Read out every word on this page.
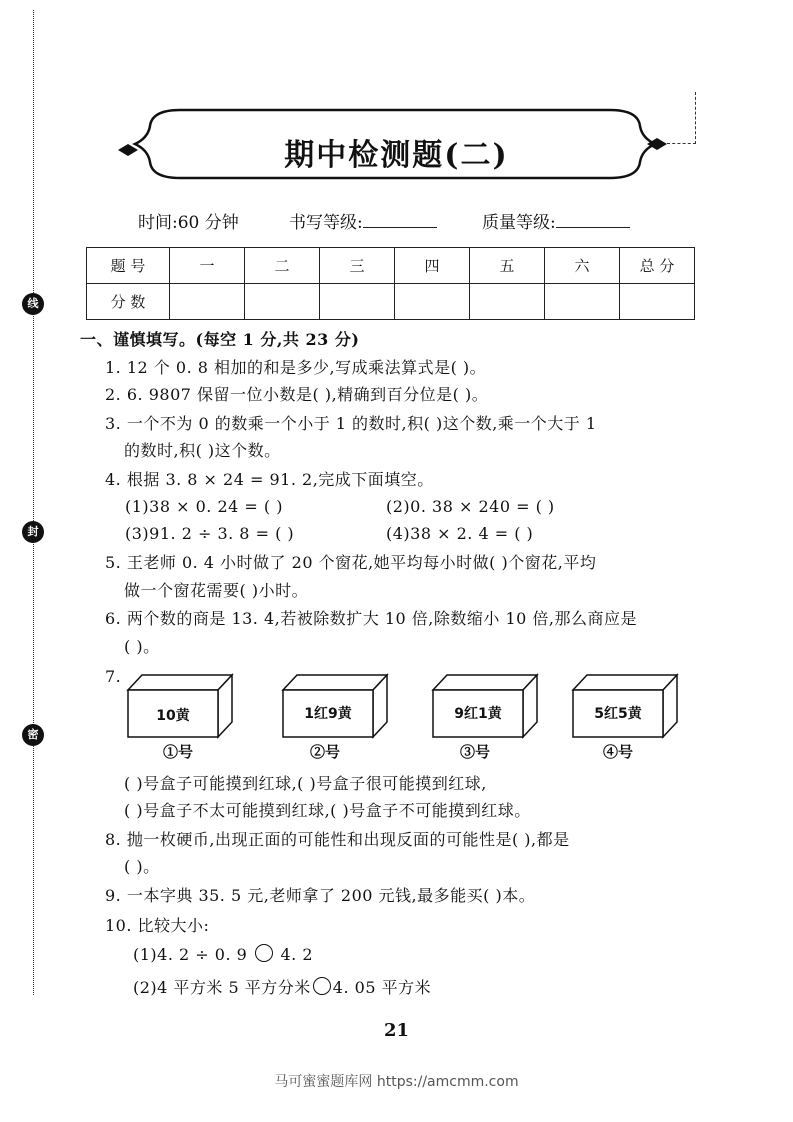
线
封
密
期中检测题(二)
时间:60 分钟	书写等级:	质量等级:
题 号	一	二	三	四	五	六	总 分
分 数							
一、谨慎填写。(每空 1 分,共 23 分)
1. 12 个 0. 8 相加的和是多少,写成乘法算式是( )。
2. 6. 9807 保留一位小数是( ),精确到百分位是( )。
3. 一个不为 0 的数乘一个小于 1 的数时,积( )这个数,乘一个大于 1
的数时,积( )这个数。
4. 根据 3. 8 × 24 = 91. 2,完成下面填空。
(1)38 × 0. 24 = ( )	(2)0. 38 × 240 = ( )
(3)91. 2 ÷ 3. 8 = ( )	(4)38 × 2. 4 = ( )
5. 王老师 0. 4 小时做了 20 个窗花,她平均每小时做( )个窗花,平均
做一个窗花需要( )小时。
6. 两个数的商是 13. 4,若被除数扩大 10 倍,除数缩小 10 倍,那么商应是
( )。
7.
10黄
①号
1红9黄
②号
9红1黄
③号
5红5黄
④号
( )号盒子可能摸到红球,( )号盒子很可能摸到红球,
( )号盒子不太可能摸到红球,( )号盒子不可能摸到红球。
8. 抛一枚硬币,出现正面的可能性和出现反面的可能性是( ),都是
( )。
9. 一本字典 35. 5 元,老师拿了 200 元钱,最多能买( )本。
10. 比较大小:
(1)4. 2 ÷ 0. 9 4. 2
(2)4 平方米 5 平方分米 4. 05 平方米
21
马可蜜蜜题库网 https://amcmm.com
